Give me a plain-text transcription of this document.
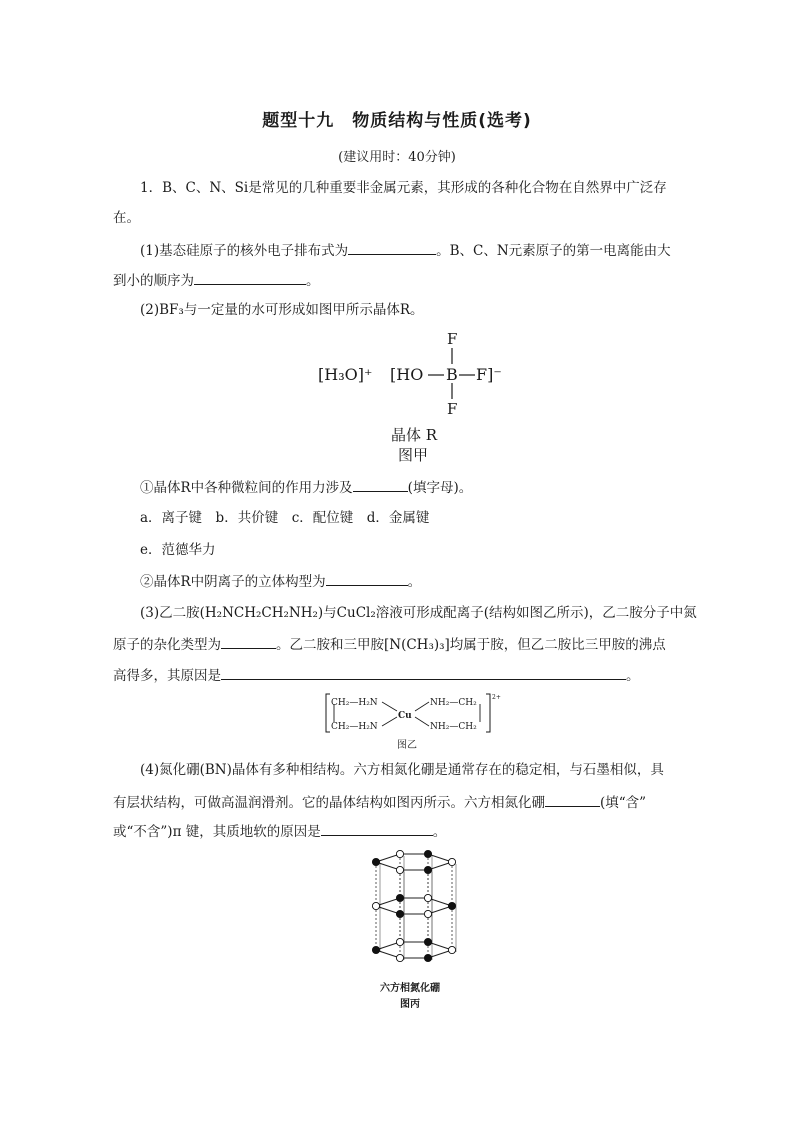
题型十九　物质结构与性质(选考)
(建议用时：40分钟)
1．B、C、N、Si是常见的几种重要非金属元素，其形成的各种化合物在自然界中广泛存
在。
(1)基态硅原子的核外电子排布式为	。B、C、N元素原子的第一电离能由大
到小的顺序为	。
(2)BF₃与一定量的水可形成如图甲所示晶体R。
[H₃O]⁺ [HO B F]⁻
F
F
晶体 R
图甲
①晶体R中各种微粒间的作用力涉及	(填字母)。
a．离子键　b．共价键　c．配位键　d．金属键
e．范德华力
②晶体R中阴离子的立体构型为	。
(3)乙二胺(H₂NCH₂CH₂NH₂)与CuCl₂溶液可形成配离子(结构如图乙所示)，乙二胺分子中氮
原子的杂化类型为	。乙二胺和三甲胺[N(CH₃)₃]均属于胺，但乙二胺比三甲胺的沸点
高得多，其原因是	。
CH₂—H₂N
CH₂—H₂N
Cu
NH₂—CH₂
NH₂—CH₂
2+
图乙
(4)氮化硼(BN)晶体有多种相结构。六方相氮化硼是通常存在的稳定相，与石墨相似，具
有层状结构，可做高温润滑剂。它的晶体结构如图丙所示。六方相氮化硼	(填“含”
或“不含”)π 键，其质地软的原因是	。
六方相氮化硼
图丙
